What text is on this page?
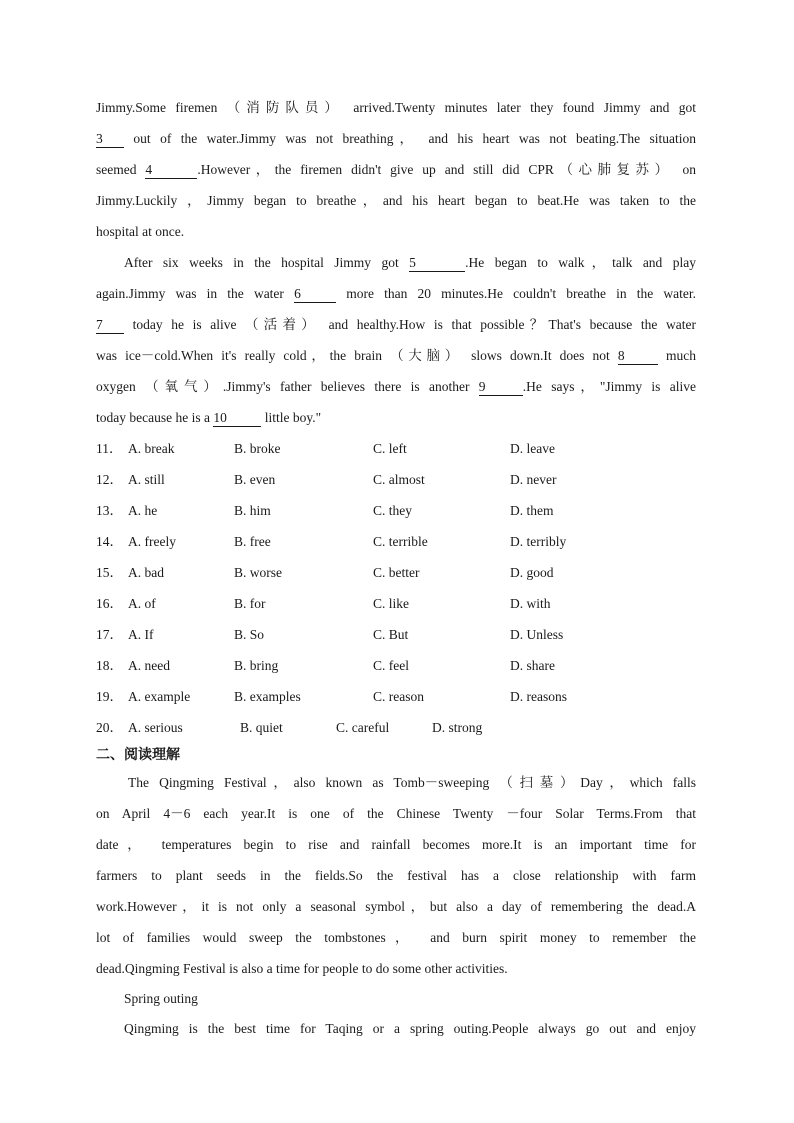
Jimmy.Some firemen （消防队员） arrived.Twenty minutes later they found Jimmy and got
3 out of the water.Jimmy was not breathing， and his heart was not beating.The situation
seemed 4	.However，the firemen didn't give up and still did CPR（心肺复苏） on
Jimmy.Luckily ，Jimmy began to breathe，and his heart began to beat.He was taken to the
hospital at once.
After six weeks in the hospital Jimmy got 5	.He began to walk，talk and play
again.Jimmy was in the water 6	more than 20 minutes.He couldn't breathe in the water.
7 today he is alive （活着） and healthy.How is that possible？That's because the water
was ice－cold.When it's really cold，the brain （大脑） slows down.It does not 8 much
oxygen （氧气）.Jimmy's father believes there is another 9	.He says，"Jimmy is alive
today because he is a 10	little boy."
11． A. break	B. broke	C. left	D. leave
12． A. still	B. even	C. almost	D. never
13． A. he	B. him	C. they	D. them
14． A. freely	B. free	C. terrible	D. terribly
15． A. bad	B. worse	C. better	D. good
16． A. of	B. for	C. like	D. with
17． A. If	B. So	C. But	D. Unless
18． A. need	B. bring	C. feel	D. share
19． A. example	B. examples	C. reason	D. reasons
20． A. serious	B. quiet	C. careful	D. strong
二、阅读理解
The Qingming Festival，also known as Tomb－sweeping （扫墓）Day，which falls
on April 4－6 each year.It is one of the Chinese Twenty －four Solar Terms.From that
date， temperatures begin to rise and rainfall becomes more.It is an important time for
farmers to plant seeds in the fields.So the festival has a close relationship with farm
work.However，it is not only a seasonal symbol，but also a day of remembering the dead.A
lot of families would sweep the tombstones， and burn spirit money to remember the
dead.Qingming Festival is also a time for people to do some other activities.
Spring outing
Qingming is the best time for Taqing or a spring outing.People always go out and enjoy
